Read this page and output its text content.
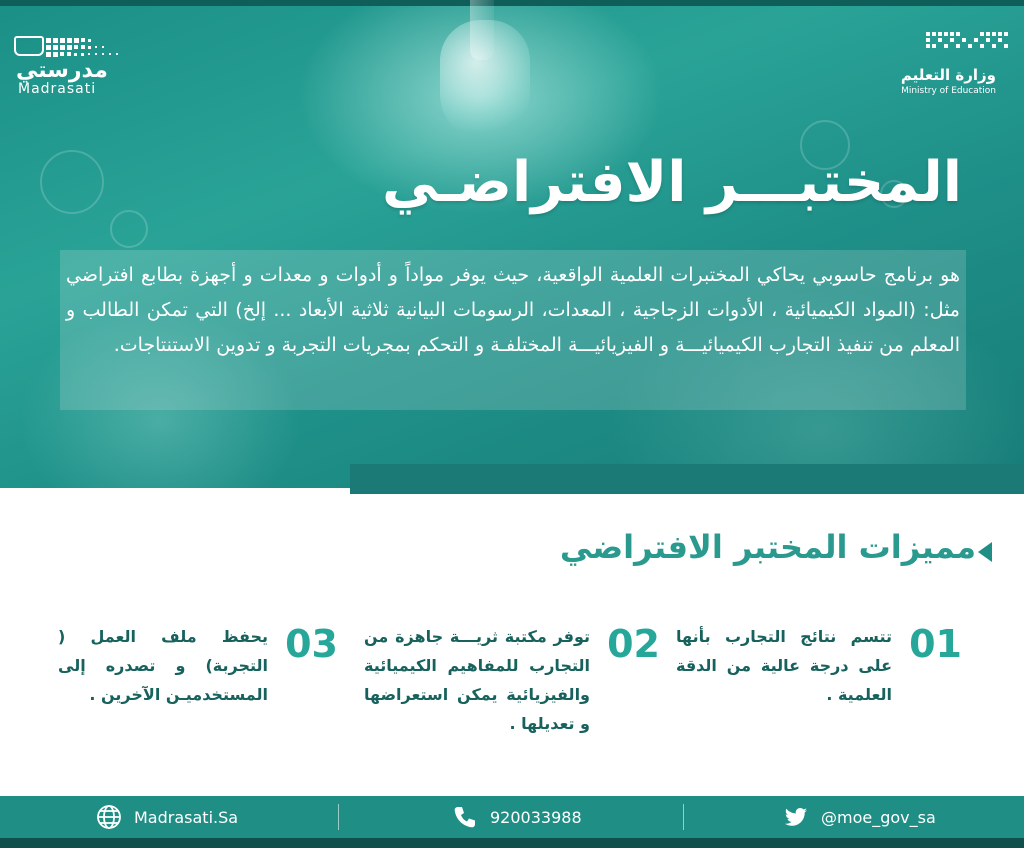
مدرستي
Madrasati
وزارة التعليم
Ministry of Education
المختبـــر الافتراضـي
هو برنامج حاسوبي يحاكي المختبرات العلمية الواقعية، حيث يوفر مواداً و أدوات و معدات و أجهزة بطابع افتراضي مثل: (المواد الكيميائية ، الأدوات الزجاجية ، المعدات، الرسومات البيانية ثلاثية الأبعاد ... إلخ) التي تمكن الطالب و المعلم من تنفيذ التجارب الكيميائيـــة و الفيزيائيـــة المختلفـة و التحكم بمجريات التجربة و تدوين الاستنتاجات.
مميزات المختبر الافتراضي
01
تتسم نتائج التجارب بأنها على درجة عالية من الدقة العلمية .
02
توفر مكتبة ثريـــة جاهزة من التجارب للمفاهيم الكيميائية والفيزيائية يمكن استعراضها و تعديلها .
03
يحفظ ملف العمل ( التجربة) و تصدره إلى المستخدميـن الآخرين .
Madrasati.Sa	920033988	@moe_gov_sa
